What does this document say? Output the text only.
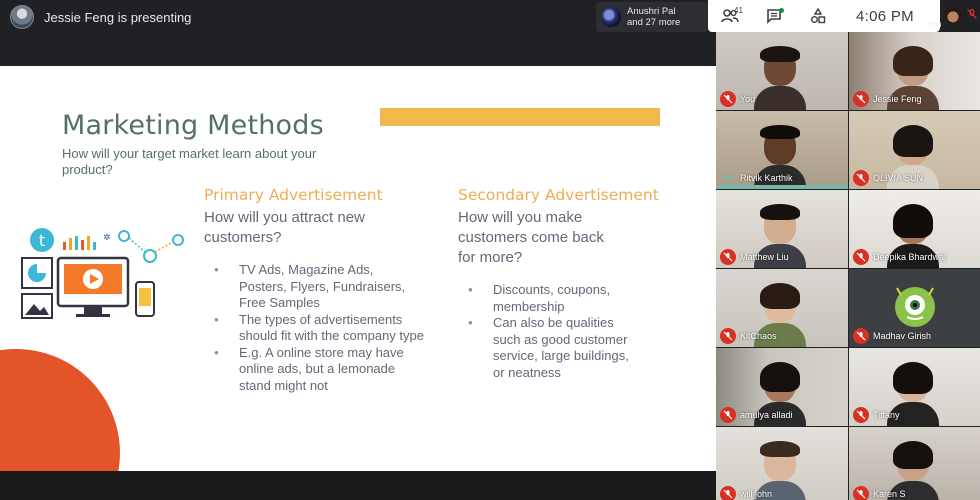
Jessie Feng is presenting	Anushri Pal
and 27 more
41	4:06 PM You
Marketing Methods
How will your target market learn about your product?
t	✲
Primary Advertisement
How will you attract new customers?
● TV Ads, Magazine Ads, Posters, Flyers, Fundraisers, Free Samples
● The types of advertisements should fit with the company type
● E.g. A online store may have online ads, but a lemonade stand might not
Secondary Advertisement
How will you make customers come back for more?
● Discounts, coupons, membership
● Can also be qualities such as good customer service, large buildings, or neatness
You	Jessie Feng
Ritvik Karthik	OLIVIA SUN
Matthew Liu	Deepika Bhardwaj
KitChaos	Madhav Girish
amulya alladi	Tiffany
will john	Karen S
